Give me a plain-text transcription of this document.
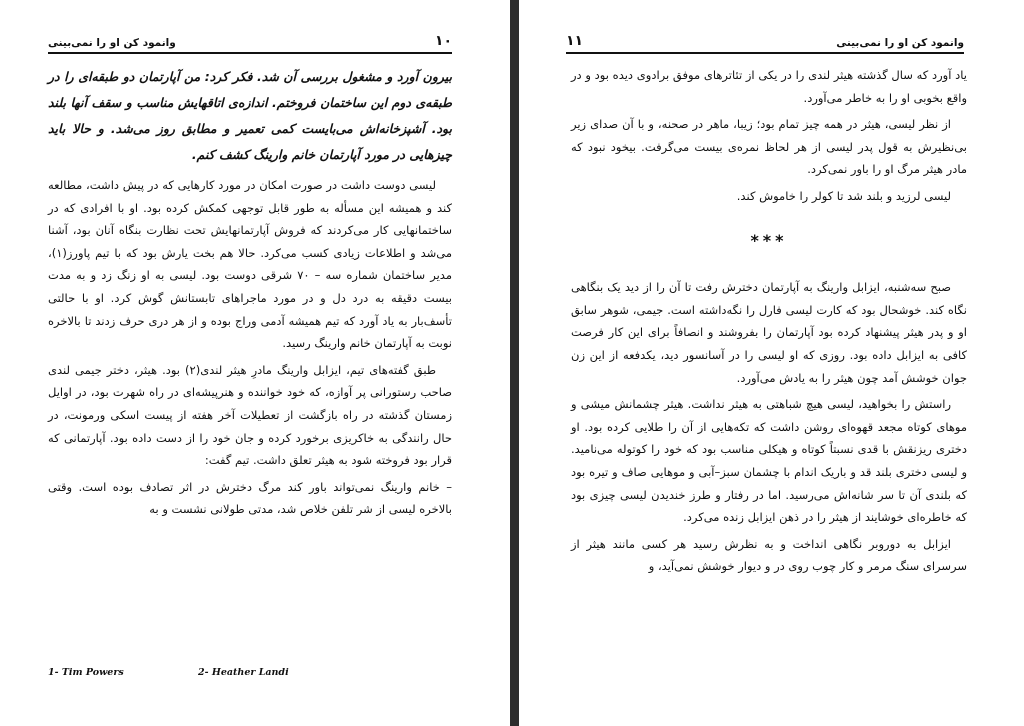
وانمود کن او را نمی‌بینی	۱۰

بیرون آورد و مشغول بررسی آن شد. فکر کرد: من آپارتمان دو طبقه‌ای را در طبقه‌ی دوم این ساختمان فروختم. اندازه‌ی اتاقهایش مناسب و سقف آنها بلند بود. آشپزخانه‌اش می‌بایست کمی تعمیر و مطابق روز می‌شد. و حالا باید چیزهایی در مورد آپارتمان خانم وارینگ کشف کنم.

لیسی دوست داشت در صورت امکان در مورد کارهایی که در پیش داشت، مطالعه کند و همیشه این مسأله به طور قابل توجهی کمکش کرده بود. او با افرادی که در ساختمانهایی کار می‌کردند که فروش آپارتمانهایش تحت نظارت بنگاه آنان بود، آشنا می‌شد و اطلاعات زیادی کسب می‌کرد. حالا هم بخت یارش بود که با تیم پاورز(۱)، مدیر ساختمان شماره سه – ۷۰ شرقی دوست بود. لیسی به او زنگ زد و به مدت بیست دقیقه به درد دل و در مورد ماجراهای تابستانش گوش کرد. او با حالتی تأسف‌بار به یاد آورد که تیم همیشه آدمی وراج بوده و از هر دری حرف زدند تا بالاخره نوبت به آپارتمان خانم وارینگ رسید.

طبق گفته‌های تیم، ایزابل وارینگ مادرِ هیثر لندی(۲) بود. هیثر، دختر جیمی لندی صاحب رستورانی پر آوازه، که خود خواننده و هنرپیشه‌ای در راه شهرت بود، در اوایل زمستان گذشته در راه بازگشت از تعطیلات آخر هفته از پیست اسکی ورمونت، در حال رانندگی به خاکریزی برخورد کرده و جان خود را از دست داده بود. آپارتمانی که قرار بود فروخته شود به هیثر تعلق داشت. تیم گفت:

– خانم وارینگ نمی‌تواند باور کند مرگ دخترش در اثر تصادف بوده است. وقتی بالاخره لیسی از شر تلفن خلاص شد، مدتی طولانی نشست و به

1- Tim Powers	2- Heather Landi
۱۱	وانمود کن او را نمی‌بینی

یاد آورد که سال گذشته هیثر لندی را در یکی از تئاترهای موفق برادوی دیده بود و در واقع بخوبی او را به خاطر می‌آورد.

از نظر لیسی، هیثر در همه چیز تمام بود؛ زیبا، ماهر در صحنه، و با آن صدای زیر بی‌نظیرش به قول پدر لیسی از هر لحاظ نمره‌ی بیست می‌گرفت. بیخود نبود که مادر هیثر مرگ او را باور نمی‌کرد.

لیسی لرزید و بلند شد تا کولر را خاموش کند.

***

صبح سه‌شنبه، ایزابل وارینگ به آپارتمان دخترش رفت تا آن را از دید یک بنگاهی نگاه کند. خوشحال بود که کارت لیسی فارل را نگه‌داشته است. جیمی، شوهر سابق او و پدر هیثر پیشنهاد کرده بود آپارتمان را بفروشند و انصافاً برای این کار فرصت کافی به ایزابل داده بود. روزی که او لیسی را در آسانسور دید، یکدفعه از این زن جوان خوشش آمد چون هیثر را به یادش می‌آورد.

راستش را بخواهید، لیسی هیچ شباهتی به هیثر نداشت. هیثر چشمانش میشی و موهای کوتاه مجعد قهوه‌ای روشن داشت که تکه‌هایی از آن را طلایی کرده بود. او دختری ریزنقش با قدی نسبتاً کوتاه و هیکلی مناسب بود که خود را کوتوله می‌نامید. و لیسی دختری بلند قد و باریک اندام با چشمان سبز–آبی و موهایی صاف و تیره بود که بلندی آن تا سر شانه‌اش می‌رسید. اما در رفتار و طرز خندیدن لیسی چیزی بود که خاطره‌ای خوشایند از هیثر را در ذهن ایزابل زنده می‌کرد.

ایزابل به دوروبر نگاهی انداخت و به نظرش رسید هر کسی مانند هیثر از سرسرای سنگ مرمر و کار چوب روی در و دیوار خوشش نمی‌آید، و
